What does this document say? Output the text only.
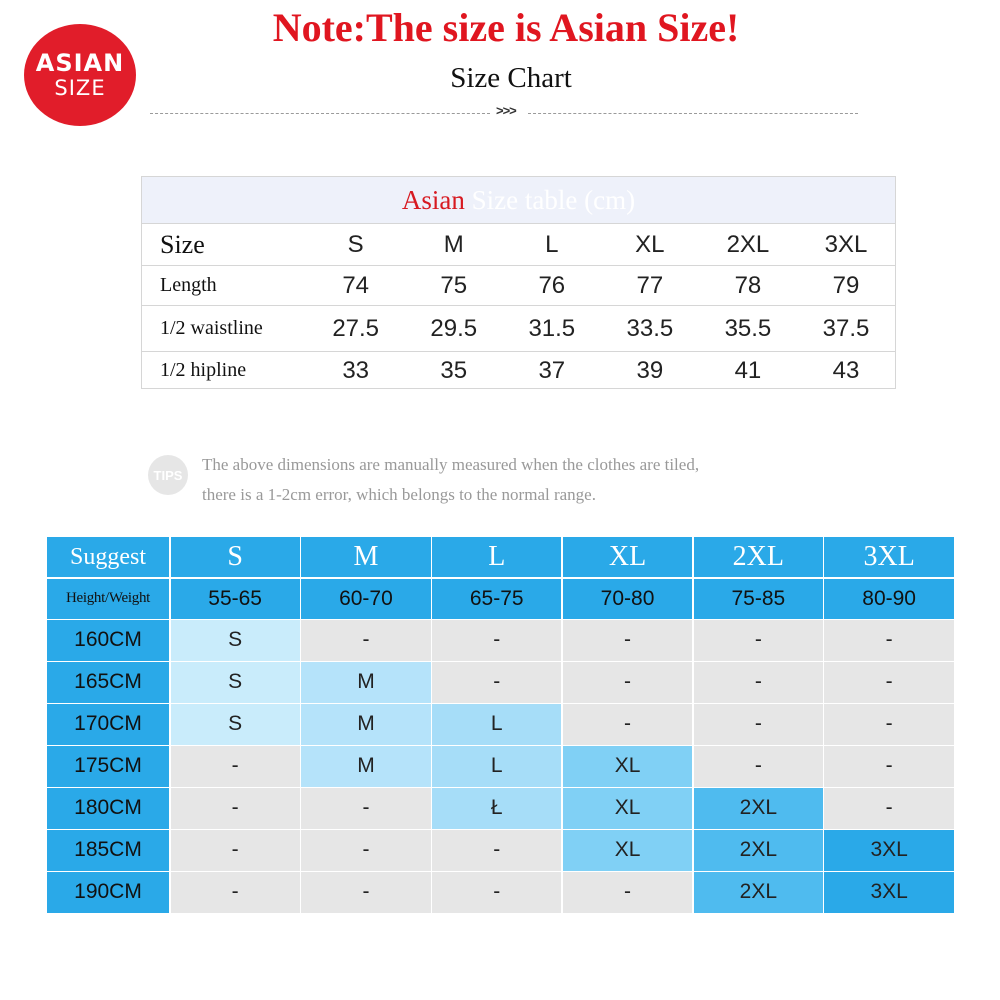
ASIAN
SIZE
Note:The size is Asian Size!
Size Chart
>>>
Asian Size table (cm)
Size	S	M	L	XL	2XL	3XL
Length	74	75	76	77	78	79
1/2 waistline	27.5	29.5	31.5	33.5	35.5	37.5
1/2 hipline	33	35	37	39	41	43
TIPS
The above dimensions are manually measured when the clothes are tiled,
there is a 1-2cm error, which belongs to the normal range.
Suggest	S	M	L	XL	2XL	3XL
Height/Weight	55-65	60-70	65-75	70-80	75-85	80-90
160CM	S	-	-	-	-	-
165CM	S	M	-	-	-	-
170CM	S	M	L	-	-	-
175CM	-	M	L	XL	-	-
180CM	-	-	Ł	XL	2XL	-
185CM	-	-	-	XL	2XL	3XL
190CM	-	-	-	-	2XL	3XL
